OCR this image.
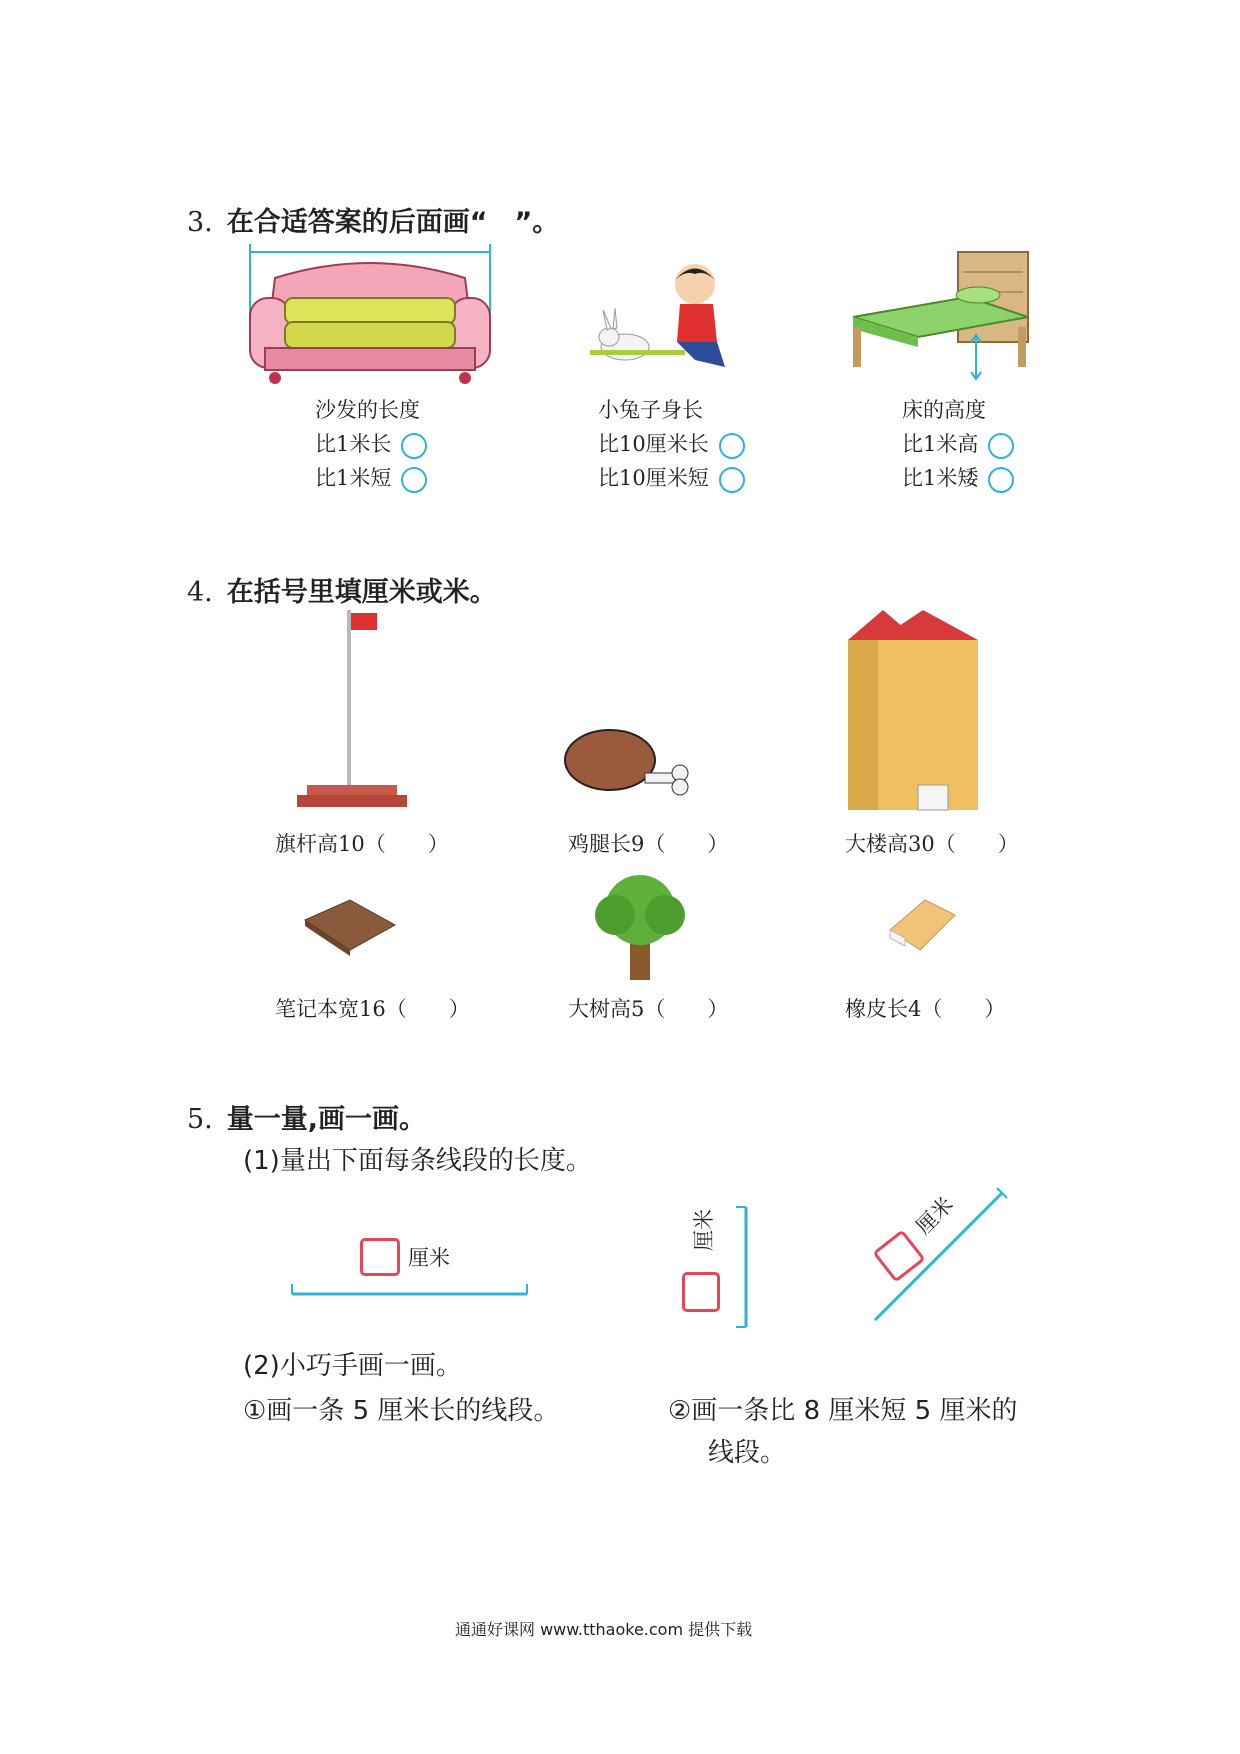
3. 在合适答案的后面画“　”。
沙发的长度
比1米长
比1米短
小兔子身长
比10厘米长
比10厘米短
床的高度
比1米高
比1米矮
4. 在括号里填厘米或米。
旗杆高10（　　）	鸡腿长9（　　）	大楼高30（　　）
笔记本宽16（　　）	大树高5（　　）	橡皮长4（　　）
5. 量一量,画一画。
(1)量出下面每条线段的长度。
厘米
厘米	厘米
(2)小巧手画一画。
①画一条 5 厘米长的线段。	②画一条比 8 厘米短 5 厘米的
线段。
通通好课网 www.tthaoke.com 提供下载
